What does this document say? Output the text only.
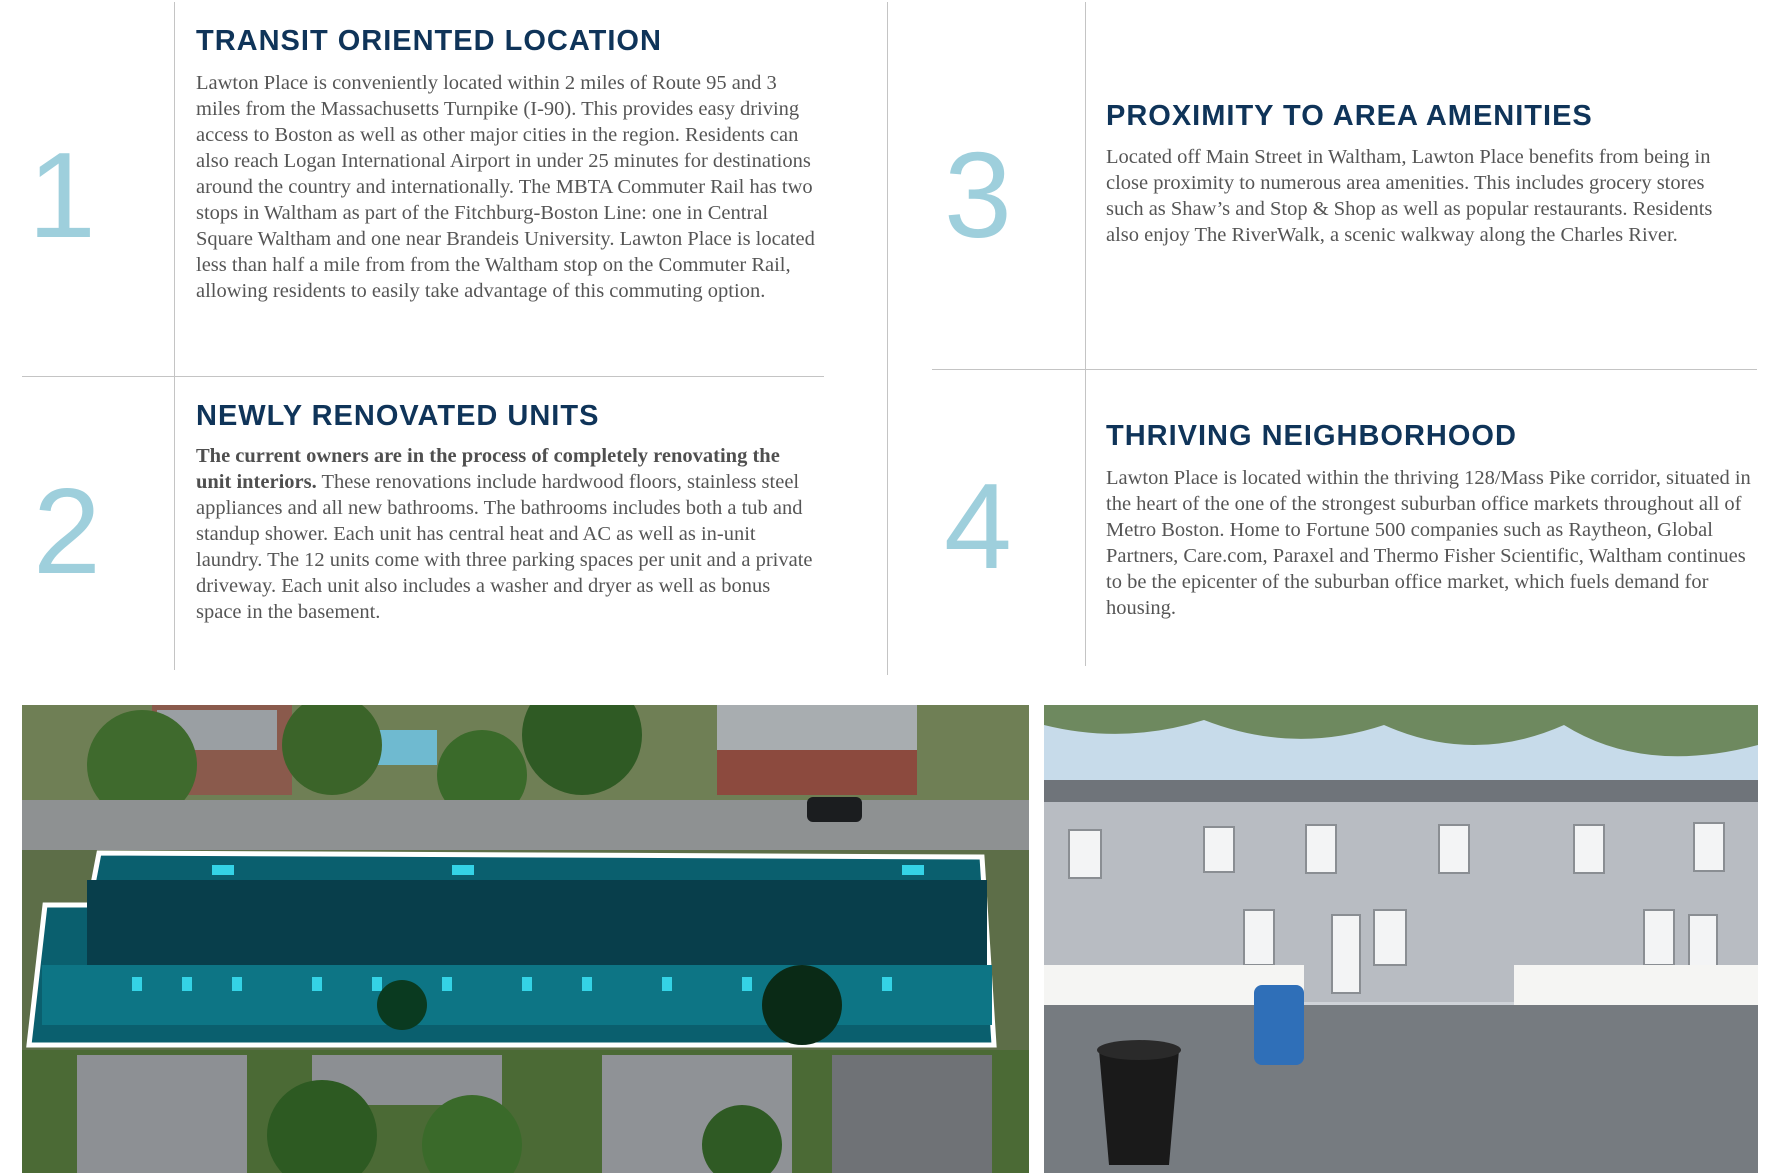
1
TRANSIT ORIENTED LOCATION

Lawton Place is conveniently located within 2 miles of Route 95 and 3 miles from the Massachusetts Turnpike (I-90). This provides easy driving access to Boston as well as other major cities in the region. Residents can also reach Logan International Airport in under 25 minutes for destinations around the country and internationally. The MBTA Commuter Rail has two stops in Waltham as part of the Fitchburg-Boston Line: one in Central Square Waltham and one near Brandeis University. Lawton Place is located less than half a mile from from the Waltham stop on the Commuter Rail, allowing residents to easily take advantage of this commuting option.

2
NEWLY RENOVATED UNITS

The current owners are in the process of completely renovating the unit interiors. These renovations include hardwood floors, stainless steel appliances and all new bathrooms. The bathrooms includes both a tub and standup shower. Each unit has central heat and AC as well as in-unit laundry. The 12 units come with three parking spaces per unit and a private driveway. Each unit also includes a washer and dryer as well as bonus space in the basement.

3
PROXIMITY TO AREA AMENITIES

Located off Main Street in Waltham, Lawton Place benefits from being in close proximity to numerous area amenities. This includes grocery stores such as Shaw’s and Stop & Shop as well as popular restaurants. Residents also enjoy The RiverWalk, a scenic walkway along the Charles River.

4
THRIVING NEIGHBORHOOD

Lawton Place is located within the thriving 128/Mass Pike corridor, situated in the heart of the one of the strongest suburban office markets throughout all of Metro Boston. Home to Fortune 500 companies such as Raytheon, Global Partners, Care.com, Paraxel and Thermo Fisher Scientific, Waltham continues to be the epicenter of the suburban office market, which fuels demand for housing.
